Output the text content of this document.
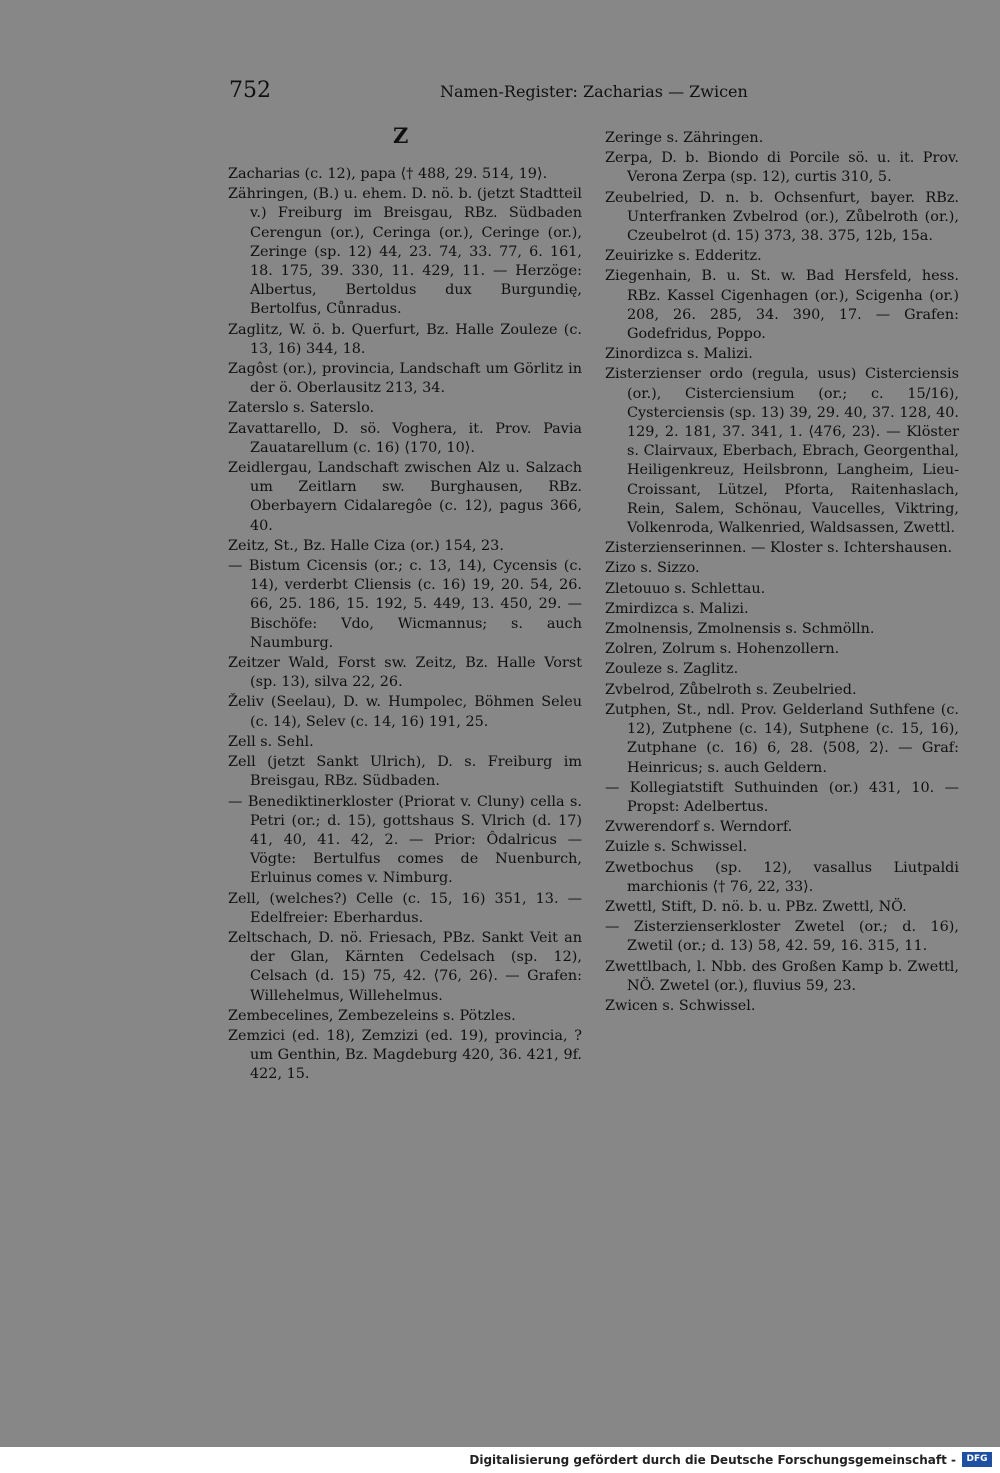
752	Namen-Register: Zacharias — Zwicen
Z

Zacharias (c. 12), papa ⟨† 488, 29. 514, 19⟩.

Zähringen, (B.) u. ehem. D. nö. b. (jetzt Stadtteil v.) Freiburg im Breisgau, RBz. Südbaden Cerengun (or.), Ceringa (or.), Ceringe (or.), Zeringe (sp. 12) 44, 23. 74, 33. 77, 6. 161, 18. 175, 39. 330, 11. 429, 11. — Herzöge: Albertus, Bertoldus dux Burgundię, Bertolfus, Cůnradus.

Zaglitz, W. ö. b. Querfurt, Bz. Halle Zouleze (c. 13, 16) 344, 18.

Zagôst (or.), provincia, Landschaft um Görlitz in der ö. Oberlausitz 213, 34.

Zaterslo s. Saterslo.

Zavattarello, D. sö. Voghera, it. Prov. Pavia Zauatarellum (c. 16) ⟨170, 10⟩.

Zeidlergau, Landschaft zwischen Alz u. Salzach um Zeitlarn sw. Burghausen, RBz. Oberbayern Cidalaregôe (c. 12), pagus 366, 40.

Zeitz, St., Bz. Halle Ciza (or.) 154, 23.

— Bistum Cicensis (or.; c. 13, 14), Cycensis (c. 14), verderbt Cliensis (c. 16) 19, 20. 54, 26. 66, 25. 186, 15. 192, 5. 449, 13. 450, 29. — Bischöfe: Vdo, Wicmannus; s. auch Naumburg.

Zeitzer Wald, Forst sw. Zeitz, Bz. Halle Vorst (sp. 13), silva 22, 26.

Želiv (Seelau), D. w. Humpolec, Böhmen Seleu (c. 14), Selev (c. 14, 16) 191, 25.

Zell s. Sehl.

Zell (jetzt Sankt Ulrich), D. s. Freiburg im Breisgau, RBz. Südbaden.

— Benediktinerkloster (Priorat v. Cluny) cella s. Petri (or.; d. 15), gottshaus S. Vlrich (d. 17) 41, 40, 41. 42, 2. — Prior: Ôdalricus — Vögte: Bertulfus comes de Nuenburch, Erluinus comes v. Nimburg.

Zell, (welches?) Celle (c. 15, 16) 351, 13. — Edelfreier: Eberhardus.

Zeltschach, D. nö. Friesach, PBz. Sankt Veit an der Glan, Kärnten Cedelsach (sp. 12), Celsach (d. 15) 75, 42. ⟨76, 26⟩. — Grafen: Willehelmus, Willehelmus.

Zembecelines, Zembezeleins s. Pötzles.

Zemzici (ed. 18), Zemzizi (ed. 19), provincia, ? um Genthin, Bz. Magdeburg 420, 36. 421, 9f. 422, 15.

Zeringe s. Zähringen.

Zerpa, D. b. Biondo di Porcile sö. u. it. Prov. Verona Zerpa (sp. 12), curtis 310, 5.

Zeubelried, D. n. b. Ochsenfurt, bayer. RBz. Unterfranken Zvbelrod (or.), Zůbelroth (or.), Czeubelrot (d. 15) 373, 38. 375, 12b, 15a.

Zeuirizke s. Edderitz.

Ziegenhain, B. u. St. w. Bad Hersfeld, hess. RBz. Kassel Cigenhagen (or.), Scigenha (or.) 208, 26. 285, 34. 390, 17. — Grafen: Godefridus, Poppo.

Zinordizca s. Malizi.

Zisterzienser ordo (regula, usus) Cisterciensis (or.), Cisterciensium (or.; c. 15/16), Cysterciensis (sp. 13) 39, 29. 40, 37. 128, 40. 129, 2. 181, 37. 341, 1. ⟨476, 23⟩. — Klöster s. Clairvaux, Eberbach, Ebrach, Georgenthal, Heiligenkreuz, Heilsbronn, Langheim, Lieu-Croissant, Lützel, Pforta, Raitenhaslach, Rein, Salem, Schönau, Vaucelles, Viktring, Volkenroda, Walkenried, Waldsassen, Zwettl.

Zisterzienserinnen. — Kloster s. Ichtershausen.

Zizo s. Sizzo.

Zletouuo s. Schlettau.

Zmirdizca s. Malizi.

Zmolnensis, Zmolnensis s. Schmölln.

Zolren, Zolrum s. Hohenzollern.

Zouleze s. Zaglitz.

Zvbelrod, Zůbelroth s. Zeubelried.

Zutphen, St., ndl. Prov. Gelderland Suthfene (c. 12), Zutphene (c. 14), Sutphene (c. 15, 16), Zutphane (c. 16) 6, 28. ⟨508, 2⟩. — Graf: Heinricus; s. auch Geldern.

— Kollegiatstift Suthuinden (or.) 431, 10. — Propst: Adelbertus.

Zvwerendorf s. Werndorf.

Zuizle s. Schwissel.

Zwetbochus (sp. 12), vasallus Liutpaldi marchionis ⟨† 76, 22, 33⟩.

Zwettl, Stift, D. nö. b. u. PBz. Zwettl, NÖ.

— Zisterzienserkloster Zwetel (or.; d. 16), Zwetil (or.; d. 13) 58, 42. 59, 16. 315, 11.

Zwettlbach, l. Nbb. des Großen Kamp b. Zwettl, NÖ. Zwetel (or.), fluvius 59, 23.

Zwicen s. Schwissel.

Digitalisierung gefördert durch die Deutsche Forschungsgemeinschaft -	DFG
